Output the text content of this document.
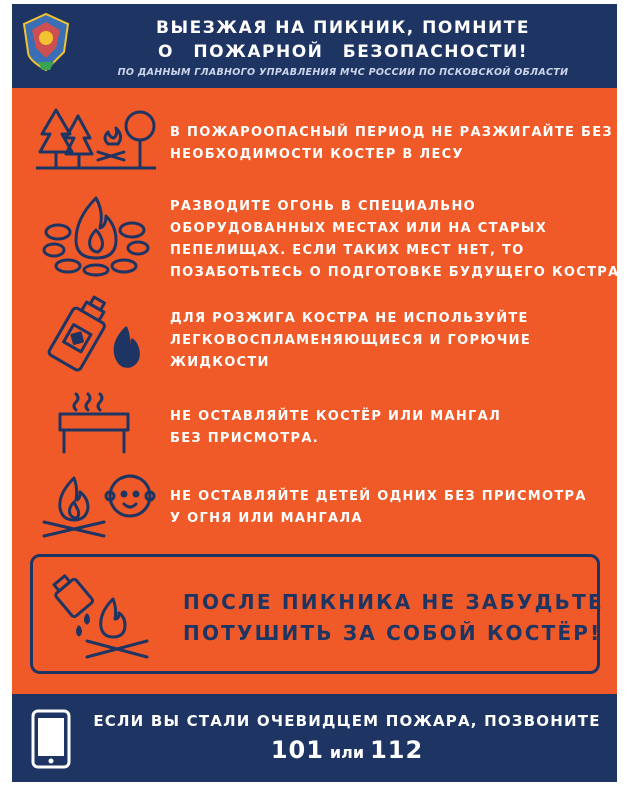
ВЫЕЗЖАЯ НА ПИКНИК, ПОМНИТЕ
О ПОЖАРНОЙ БЕЗОПАСНОСТИ!
ПО ДАННЫМ ГЛАВНОГО УПРАВЛЕНИЯ МЧС РОССИИ ПО ПСКОВСКОЙ ОБЛАСТИ
В ПОЖАРООПАСНЫЙ ПЕРИОД НЕ РАЗЖИГАЙТЕ БЕЗ
НЕОБХОДИМОСТИ КОСТЕР В ЛЕСУ
РАЗВОДИТЕ ОГОНЬ В СПЕЦИАЛЬНО
ОБОРУДОВАННЫХ МЕСТАХ ИЛИ НА СТАРЫХ
ПЕПЕЛИЩАХ. ЕСЛИ ТАКИХ МЕСТ НЕТ, ТО
ПОЗАБОТЬТЕСЬ О ПОДГОТОВКЕ БУДУЩЕГО КОСТРА
ДЛЯ РОЗЖИГА КОСТРА НЕ ИСПОЛЬЗУЙТЕ
ЛЕГКОВОСПЛАМЕНЯЮЩИЕСЯ И ГОРЮЧИЕ
ЖИДКОСТИ
НЕ ОСТАВЛЯЙТЕ КОСТЁР ИЛИ МАНГАЛ
БЕЗ ПРИСМОТРА.
НЕ ОСТАВЛЯЙТЕ ДЕТЕЙ ОДНИХ БЕЗ ПРИСМОТРА
У ОГНЯ ИЛИ МАНГАЛА
ПОСЛЕ ПИКНИКА НЕ ЗАБУДЬТЕ
ПОТУШИТЬ ЗА СОБОЙ КОСТЁР!
ЕСЛИ ВЫ СТАЛИ ОЧЕВИДЦЕМ ПОЖАРА, ПОЗВОНИТЕ
101 или 112
